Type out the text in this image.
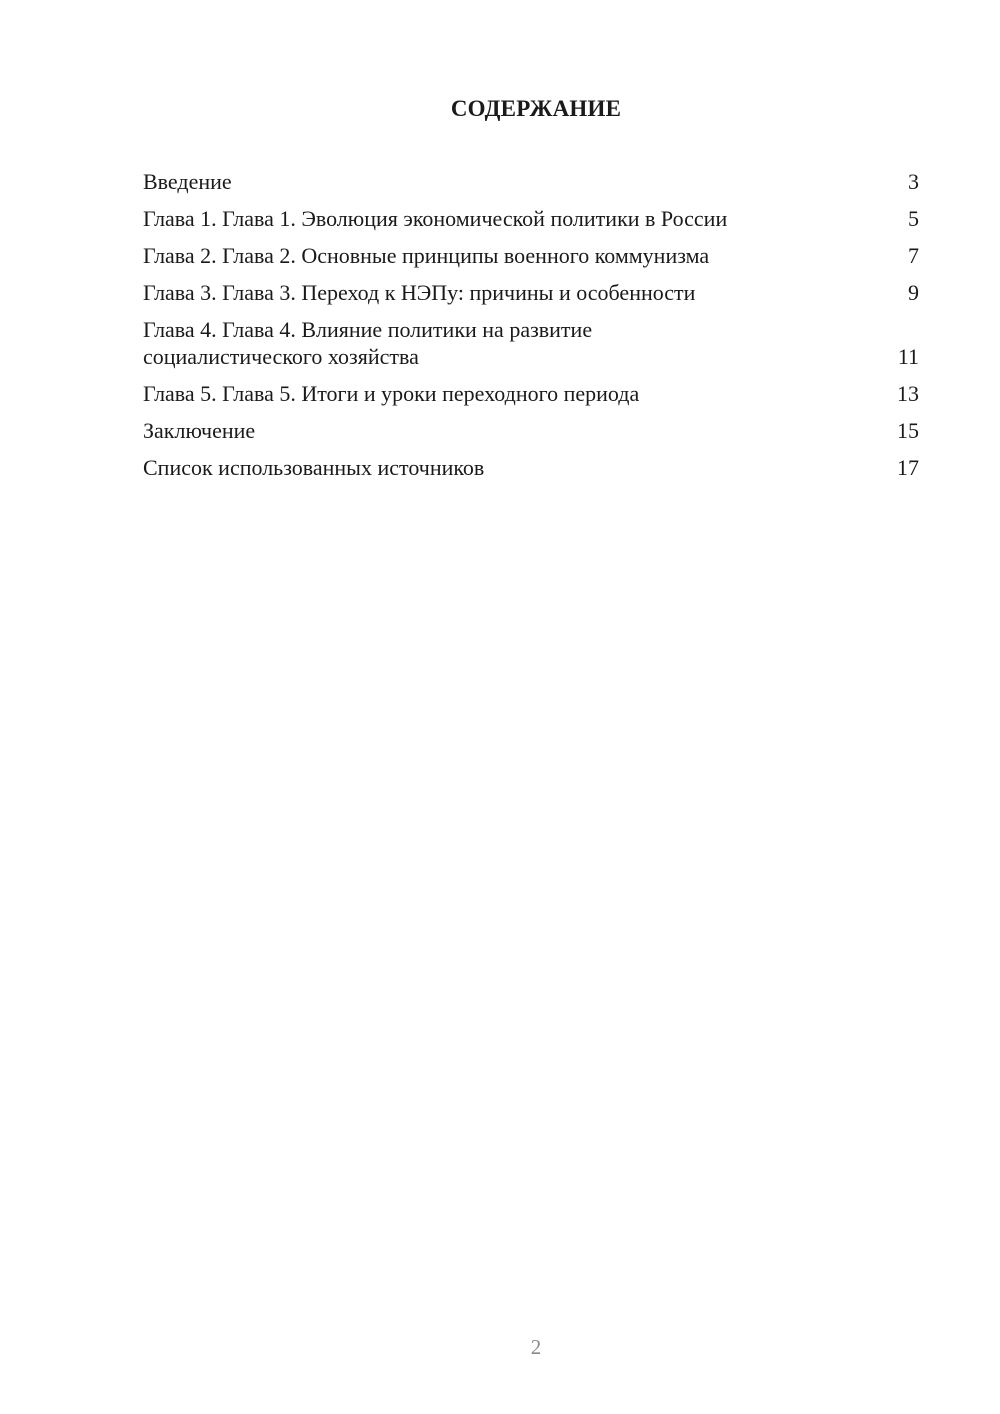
СОДЕРЖАНИЕ
Введение	3
Глава 1. Глава 1. Эволюция экономической политики в России	5
Глава 2. Глава 2. Основные принципы военного коммунизма	7
Глава 3. Глава 3. Переход к НЭПу: причины и особенности	9
Глава 4. Глава 4. Влияние политики на развитие социалистического хозяйства	11
Глава 5. Глава 5. Итоги и уроки переходного периода	13
Заключение	15
Список использованных источников	17
2
